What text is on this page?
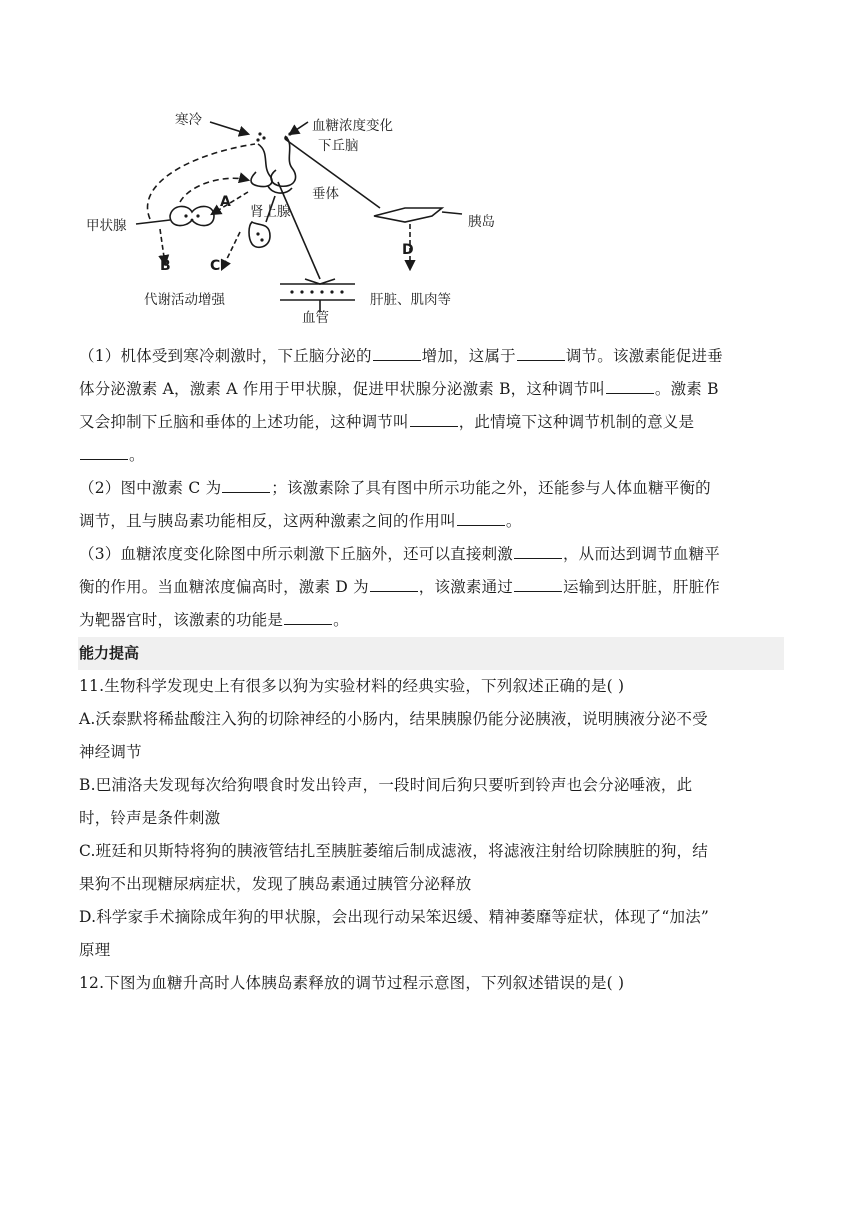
寒冷	血糖浓度变化
下丘脑
垂体
甲状腺
肾上腺
胰岛
代谢活动增强
血管
肝脏、肌肉等
A
B	C
D
（1）机体受到寒冷刺激时，下丘脑分泌的	增加，这属于	调节。该激素能促进垂
体分泌激素 A，激素 A 作用于甲状腺，促进甲状腺分泌激素 B，这种调节叫	。激素 B
又会抑制下丘脑和垂体的上述功能，这种调节叫	，此情境下这种调节机制的意义是
。
（2）图中激素 C 为	；该激素除了具有图中所示功能之外，还能参与人体血糖平衡的
调节，且与胰岛素功能相反，这两种激素之间的作用叫	。
（3）血糖浓度变化除图中所示刺激下丘脑外，还可以直接刺激	，从而达到调节血糖平
衡的作用。当血糖浓度偏高时，激素 D 为	，该激素通过	运输到达肝脏，肝脏作
为靶器官时，该激素的功能是	。
能力提高
11.生物科学发现史上有很多以狗为实验材料的经典实验，下列叙述正确的是( )
A.沃泰默将稀盐酸注入狗的切除神经的小肠内，结果胰腺仍能分泌胰液，说明胰液分泌不受
神经调节
B.巴浦洛夫发现每次给狗喂食时发出铃声，一段时间后狗只要听到铃声也会分泌唾液，此
时，铃声是条件刺激
C.班廷和贝斯特将狗的胰液管结扎至胰脏萎缩后制成滤液，将滤液注射给切除胰脏的狗，结
果狗不出现糖尿病症状，发现了胰岛素通过胰管分泌释放
D.科学家手术摘除成年狗的甲状腺，会出现行动呆笨迟缓、精神萎靡等症状，体现了“加法”
原理
12.下图为血糖升高时人体胰岛素释放的调节过程示意图，下列叙述错误的是( )
